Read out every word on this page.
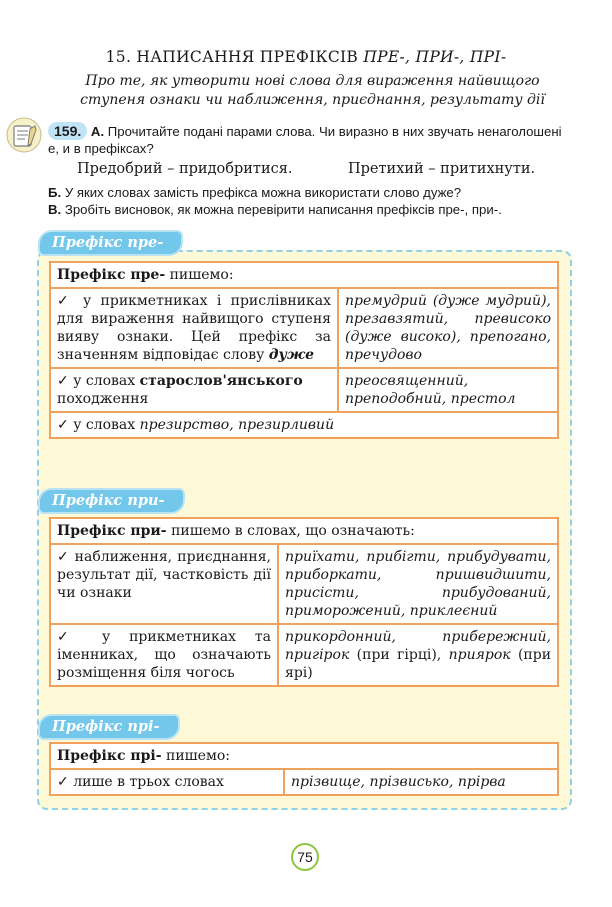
15. НАПИСАННЯ ПРЕФІКСІВ ПРЕ-, ПРИ-, ПРІ-
Про те, як утворити нові слова для вираження найвищого
ступеня ознаки чи наближення, приєднання, результату дії
159. А. Прочитайте подані парами слова. Чи виразно в них звучать ненаголошені е, и в префіксах?
Предобрий – придобритися.	Претихий – притихнути.
Б. У яких словах замість префікса можна використати слово дуже?
В. Зробіть висновок, як можна перевірити написання префіксів пре-, при-.
Префікс пре-
Префікс пре- пишемо:	
✓ у прикметниках і прислівниках для вираження найвищого ступеня вияву ознаки. Цей префікс за значенням відповідає слову дуже	премудрий (дуже мудрий), презавзятий, превисоко (дуже високо), препогано, пречудово
✓ у словах старослов'янського походження	преосвященний, преподобний, престол
✓ у словах презирство, презирливий	
Префікс при-
Префікс при- пишемо в словах, що означають:	
✓ наближення, приєднання, результат дії, частковість дії чи ознаки	приїхати, прибігти, прибудувати, приборкати, пришвидшити, присісти, прибудований, приморожений, приклеєний
✓ у прикметниках та іменниках, що означають розміщення біля чогось	прикордонний, прибережний, пригірок (при гірці), приярок (при ярі)
Префікс прі-
Префікс прі- пишемо:
✓ лише в трьох словах	прізвище, прізвисько, прірва
75
